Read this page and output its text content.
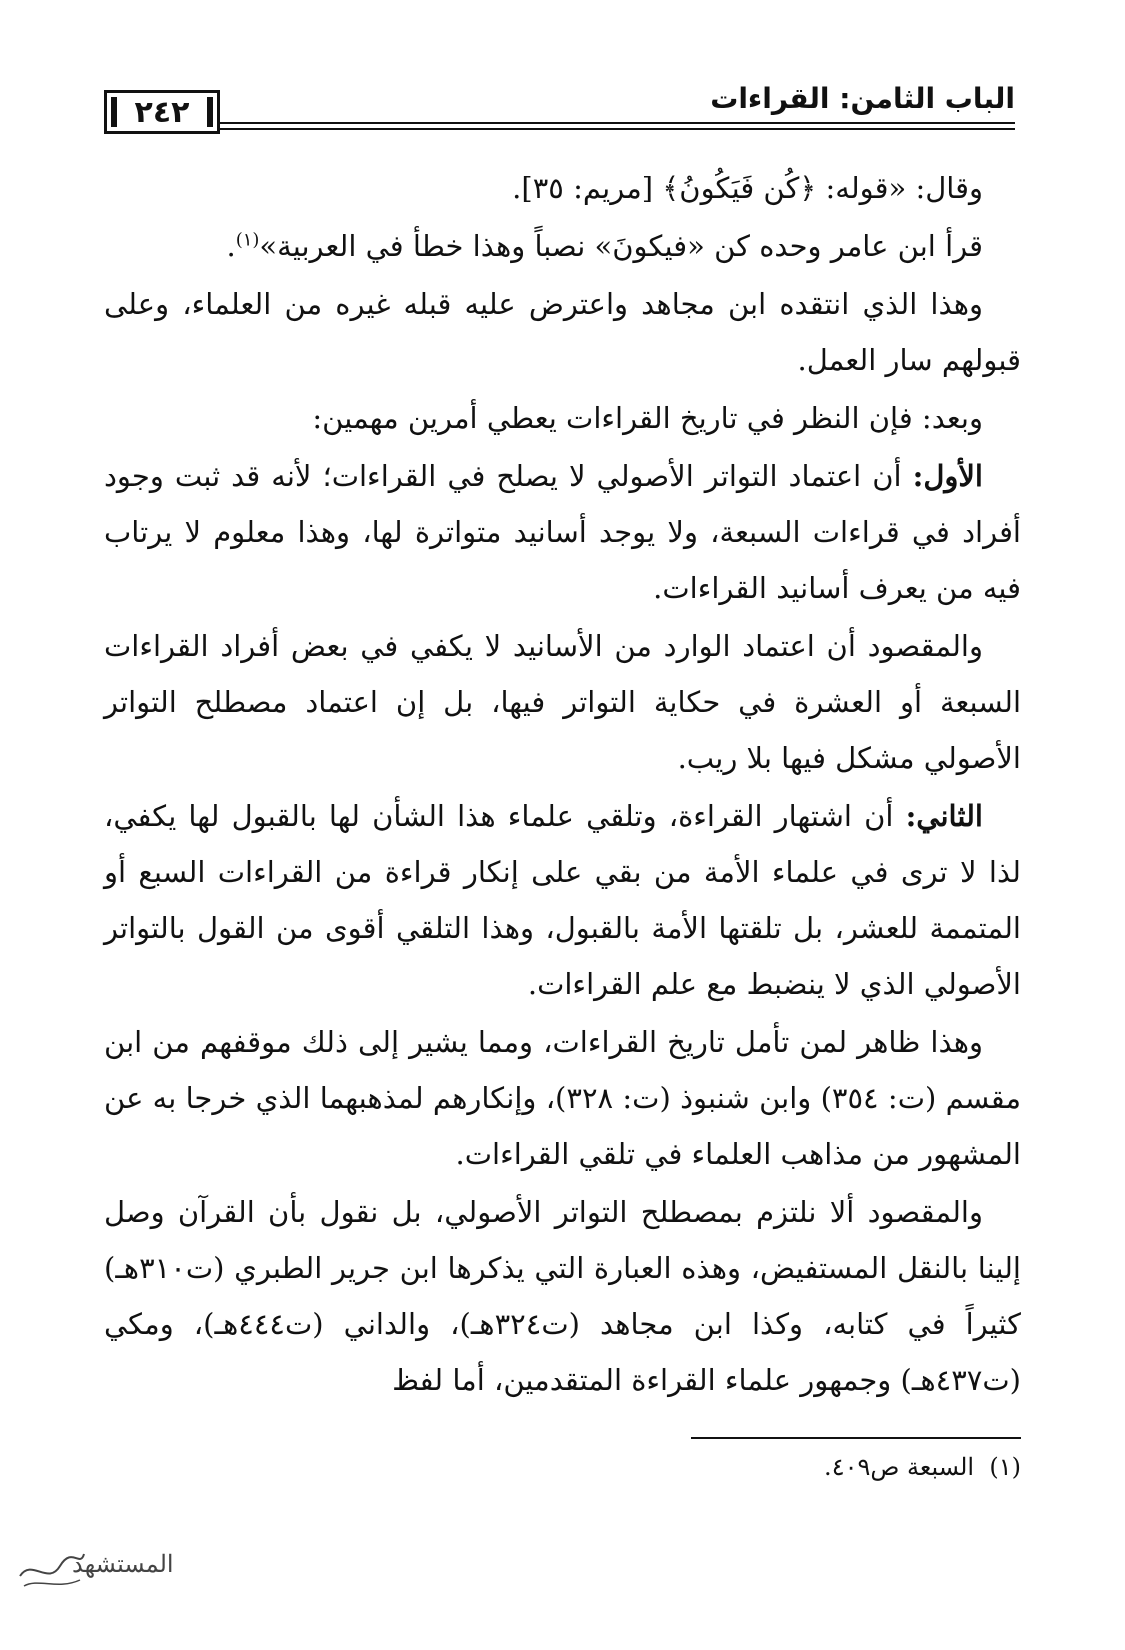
الباب الثامن: القراءات
٢٤٢

وقال: «قوله: ﴿كُن فَيَكُونُ﴾ [مريم: ٣٥].

قرأ ابن عامر وحده كن «فيكونَ» نصباً وهذا خطأ في العربية»$^{(١)}$.

وهذا الذي انتقده ابن مجاهد واعترض عليه قبله غيره من العلماء، وعلى قبولهم سار العمل.

وبعد: فإن النظر في تاريخ القراءات يعطي أمرين مهمين:

الأول: أن اعتماد التواتر الأصولي لا يصلح في القراءات؛ لأنه قد ثبت وجود أفراد في قراءات السبعة، ولا يوجد أسانيد متواترة لها، وهذا معلوم لا يرتاب فيه من يعرف أسانيد القراءات.

والمقصود أن اعتماد الوارد من الأسانيد لا يكفي في بعض أفراد القراءات السبعة أو العشرة في حكاية التواتر فيها، بل إن اعتماد مصطلح التواتر الأصولي مشكل فيها بلا ريب.

الثاني: أن اشتهار القراءة، وتلقي علماء هذا الشأن لها بالقبول لها يكفي، لذا لا ترى في علماء الأمة من بقي على إنكار قراءة من القراءات السبع أو المتممة للعشر، بل تلقتها الأمة بالقبول، وهذا التلقي أقوى من القول بالتواتر الأصولي الذي لا ينضبط مع علم القراءات.

وهذا ظاهر لمن تأمل تاريخ القراءات، ومما يشير إلى ذلك موقفهم من ابن مقسم (ت: ٣٥٤) وابن شنبوذ (ت: ٣٢٨)، وإنكارهم لمذهبهما الذي خرجا به عن المشهور من مذاهب العلماء في تلقي القراءات.

والمقصود ألا نلتزم بمصطلح التواتر الأصولي، بل نقول بأن القرآن وصل إلينا بالنقل المستفيض، وهذه العبارة التي يذكرها ابن جرير الطبري (ت٣١٠هـ) كثيراً في كتابه، وكذا ابن مجاهد (ت٣٢٤هـ)، والداني (ت٤٤٤هـ)، ومكي (ت٤٣٧هـ) وجمهور علماء القراءة المتقدمين، أما لفظ

(١)  السبعة ص٤٠٩.
المستشهد
